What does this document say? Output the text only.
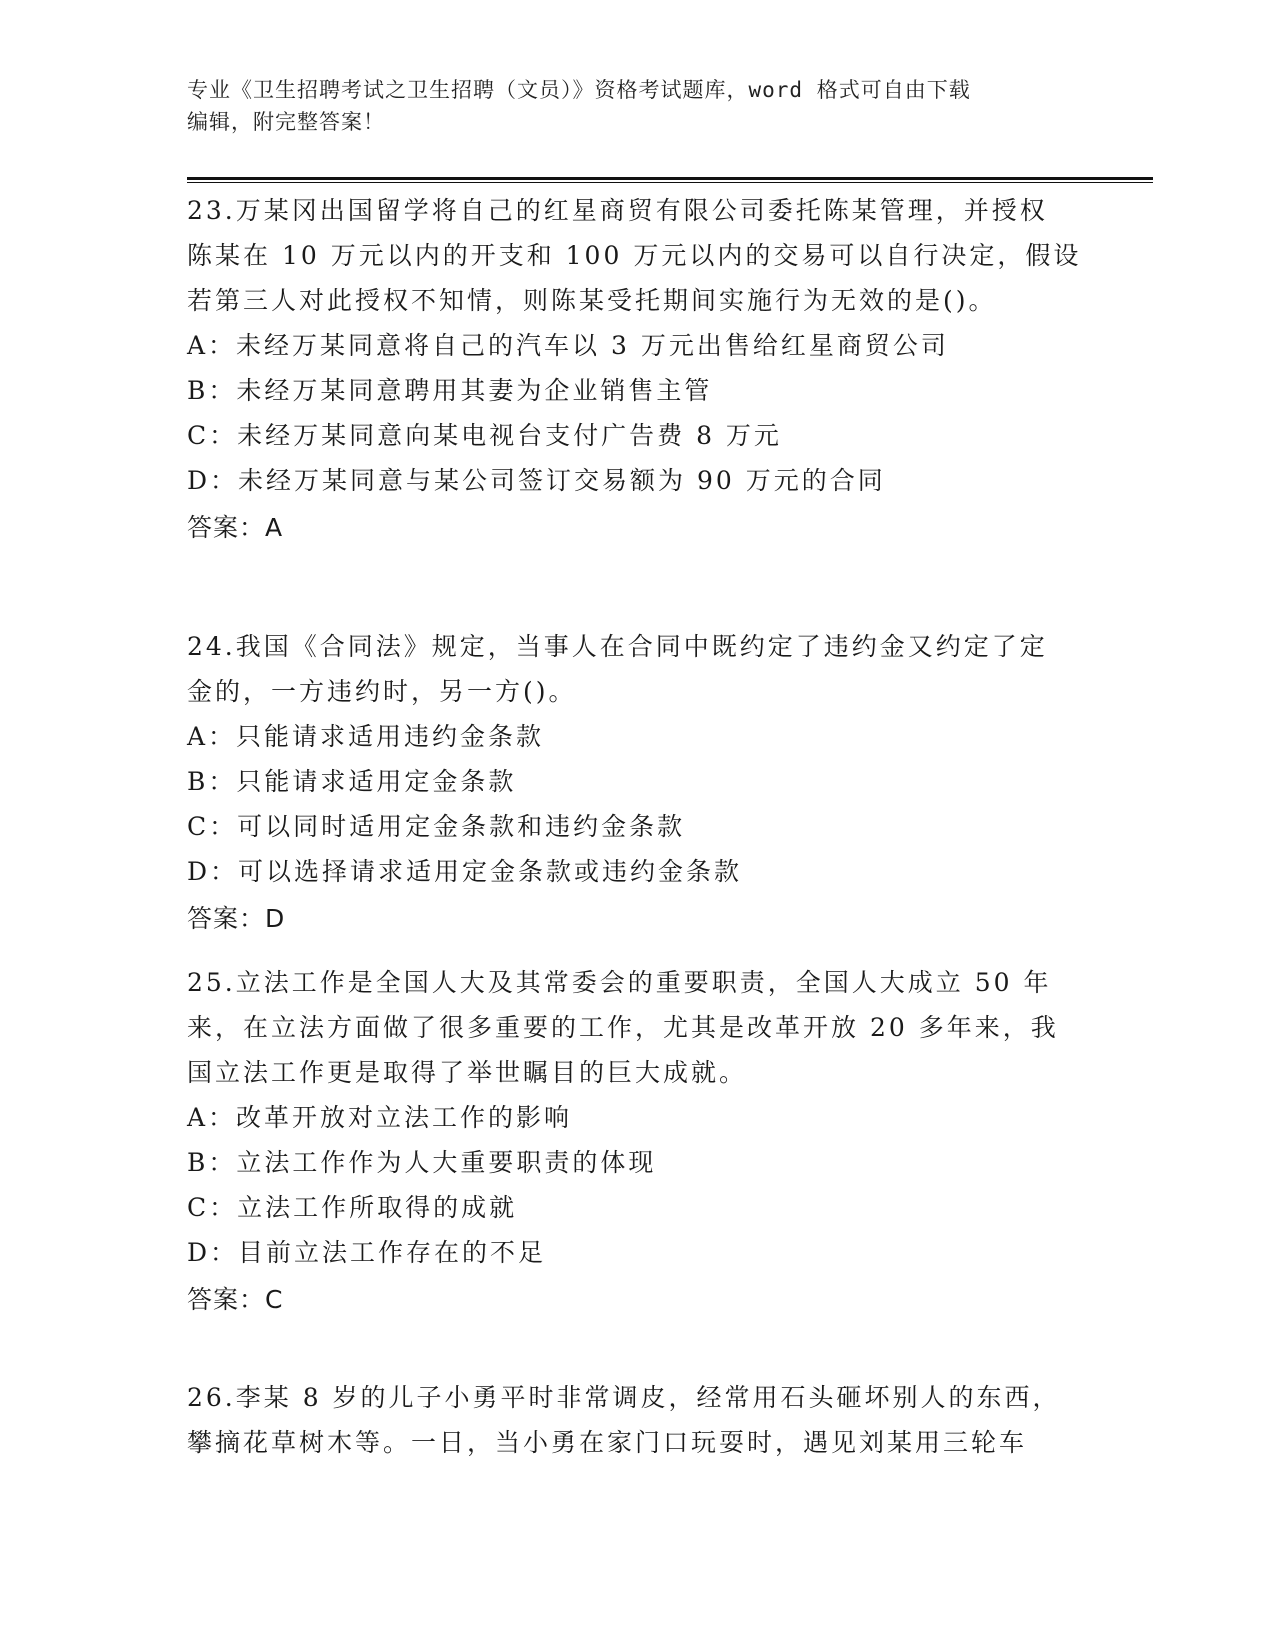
专业《卫生招聘考试之卫生招聘（文员）》资格考试题库，word 格式可自由下载
编辑，附完整答案！
23.万某冈出国留学将自己的红星商贸有限公司委托陈某管理，并授权
陈某在 10 万元以内的开支和 100 万元以内的交易可以自行决定，假设
若第三人对此授权不知情，则陈某受托期间实施行为无效的是()。
A：未经万某同意将自己的汽车以 3 万元出售给红星商贸公司
B：未经万某同意聘用其妻为企业销售主管
C：未经万某同意向某电视台支付广告费 8 万元
D：未经万某同意与某公司签订交易额为 90 万元的合同
答案：A
24.我国《合同法》规定，当事人在合同中既约定了违约金又约定了定
金的，一方违约时，另一方()。
A：只能请求适用违约金条款
B：只能请求适用定金条款
C：可以同时适用定金条款和违约金条款
D：可以选择请求适用定金条款或违约金条款
答案：D
25.立法工作是全国人大及其常委会的重要职责，全国人大成立 50 年
来，在立法方面做了很多重要的工作，尤其是改革开放 20 多年来，我
国立法工作更是取得了举世瞩目的巨大成就。
A：改革开放对立法工作的影响
B：立法工作作为人大重要职责的体现
C：立法工作所取得的成就
D：目前立法工作存在的不足
答案：C
26.李某 8 岁的儿子小勇平时非常调皮，经常用石头砸坏别人的东西，
攀摘花草树木等。一日，当小勇在家门口玩耍时，遇见刘某用三轮车
